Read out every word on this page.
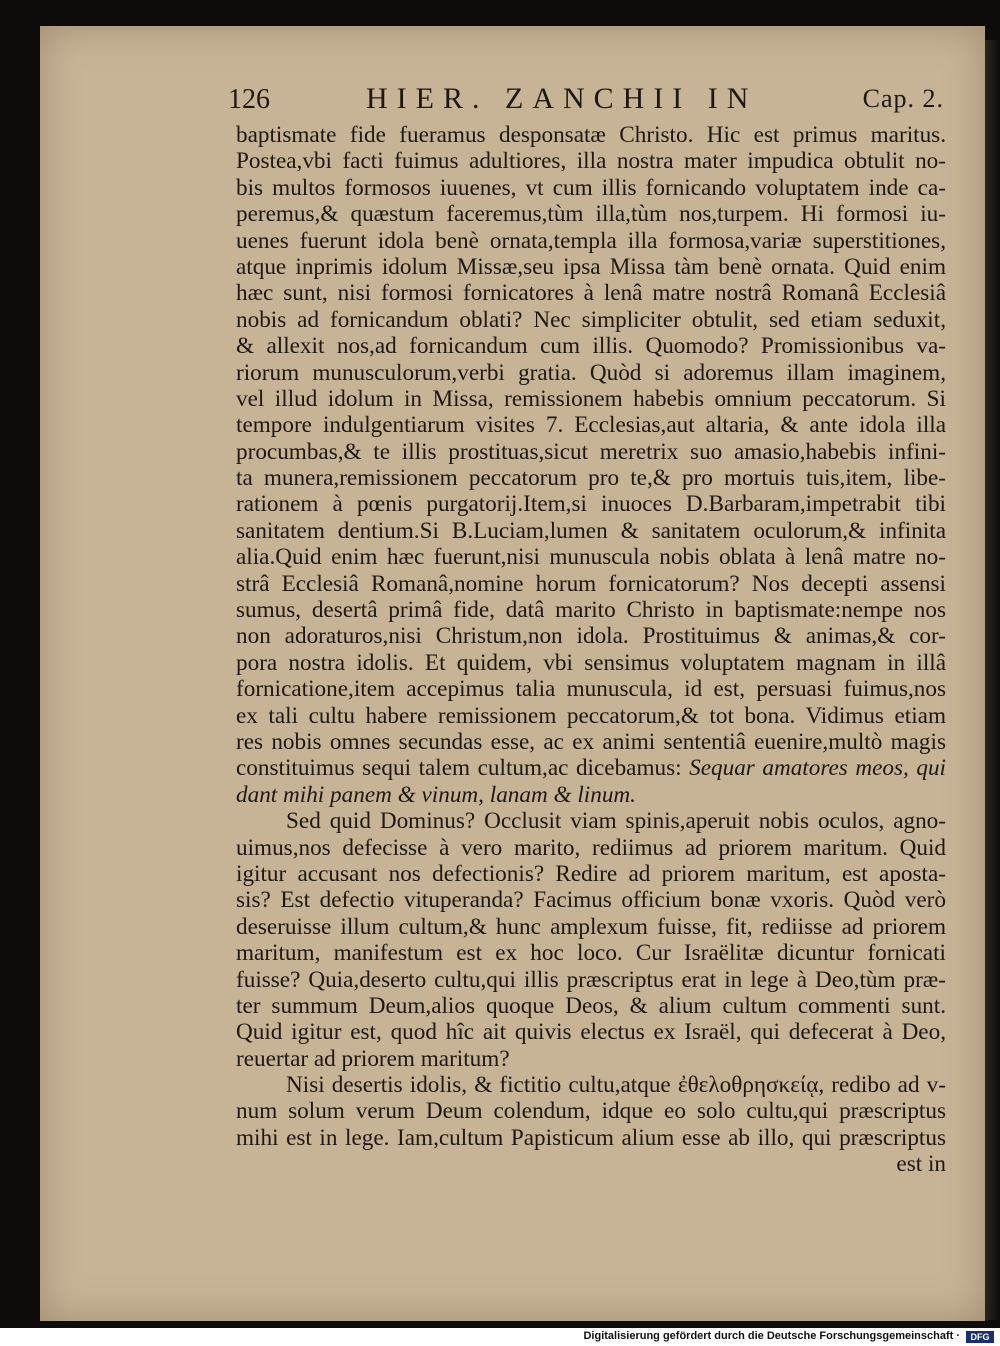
126	HIER. ZANCHII IN	Cap. 2.
baptismate fide fueramus desponsatæ Christo. Hic est primus maritus.
Postea,vbi facti fuimus adultiores, illa nostra mater impudica obtulit no-
bis multos formosos iuuenes, vt cum illis fornicando voluptatem inde ca-
peremus,& quæstum faceremus,tùm illa,tùm nos,turpem. Hi formosi iu-
uenes fuerunt idola benè ornata,templa illa formosa,variæ superstitiones,
atque inprimis idolum Missæ,seu ipsa Missa tàm benè ornata. Quid enim
hæc sunt, nisi formosi fornicatores à lenâ matre nostrâ Romanâ Ecclesiâ
nobis ad fornicandum oblati? Nec simpliciter obtulit, sed etiam seduxit,
& allexit nos,ad fornicandum cum illis. Quomodo? Promissionibus va-
riorum munusculorum,verbi gratia. Quòd si adoremus illam imaginem,
vel illud idolum in Missa, remissionem habebis omnium peccatorum. Si
tempore indulgentiarum visites 7. Ecclesias,aut altaria, & ante idola illa
procumbas,& te illis prostituas,sicut meretrix suo amasio,habebis infini-
ta munera,remissionem peccatorum pro te,& pro mortuis tuis,item, libe-
rationem à pœnis purgatorij.Item,si inuoces D.Barbaram,impetrabit tibi
sanitatem dentium.Si B.Luciam,lumen & sanitatem oculorum,& infinita
alia.Quid enim hæc fuerunt,nisi munuscula nobis oblata à lenâ matre no-
strâ Ecclesiâ Romanâ,nomine horum fornicatorum? Nos decepti assensi
sumus, desertâ primâ fide, datâ marito Christo in baptismate:nempe nos
non adoraturos,nisi Christum,non idola. Prostituimus & animas,& cor-
pora nostra idolis. Et quidem, vbi sensimus voluptatem magnam in illâ
fornicatione,item accepimus talia munuscula, id est, persuasi fuimus,nos
ex tali cultu habere remissionem peccatorum,& tot bona. Vidimus etiam
res nobis omnes secundas esse, ac ex animi sententiâ euenire,multò magis
constituimus sequi talem cultum,ac dicebamus: Sequar amatores meos, qui
dant mihi panem & vinum, lanam & linum.
Sed quid Dominus? Occlusit viam spinis,aperuit nobis oculos, agno-
uimus,nos defecisse à vero marito, rediimus ad priorem maritum. Quid
igitur accusant nos defectionis? Redire ad priorem maritum, est aposta-
sis? Est defectio vituperanda? Facimus officium bonæ vxoris. Quòd verò
deseruisse illum cultum,& hunc amplexum fuisse, fit, rediisse ad priorem
maritum, manifestum est ex hoc loco. Cur Israëlitæ dicuntur fornicati
fuisse? Quia,deserto cultu,qui illis præscriptus erat in lege à Deo,tùm præ-
ter summum Deum,alios quoque Deos, & alium cultum commenti sunt.
Quid igitur est, quod hîc ait quivis electus ex Israël, qui defecerat à Deo,
reuertar ad priorem maritum?
Nisi desertis idolis, & fictitio cultu,atque ἐθελοθρησκείᾳ, redibo ad v-
num solum verum Deum colendum, idque eo solo cultu,qui præscriptus
mihi est in lege. Iam,cultum Papisticum alium esse ab illo, qui præscriptus
est in
Digitalisierung gefördert durch die Deutsche Forschungsgemeinschaft ·	DFG
